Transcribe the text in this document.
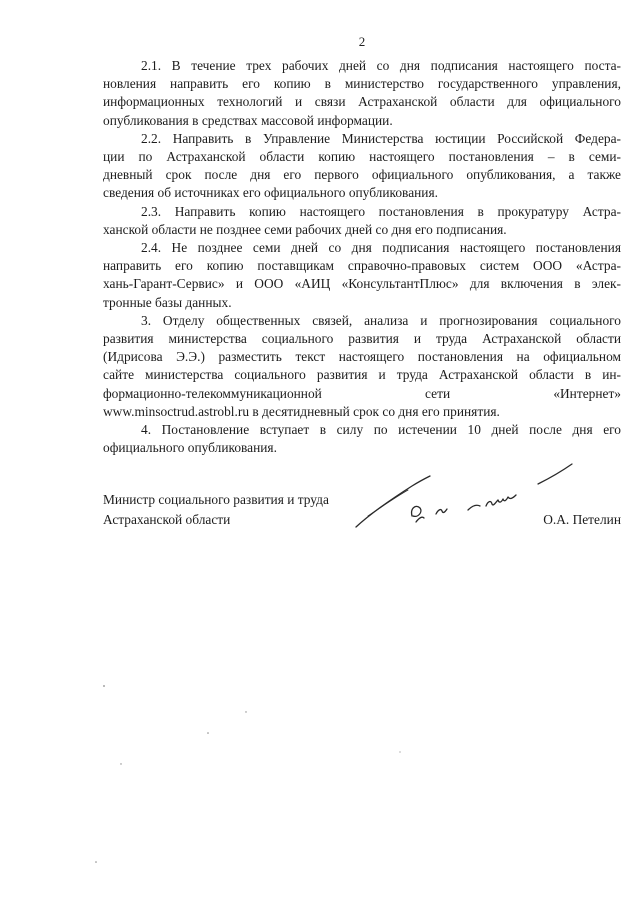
2

2.1. В течение трех рабочих дней со дня подписания настоящего поста-
новления направить его копию в министерство государственного управления,
информационных технологий и связи Астраханской области для официального
опубликования в средствах массовой информации.

2.2. Направить в Управление Министерства юстиции Российской Федера-
ции по Астраханской области копию настоящего постановления – в семи-
дневный срок после дня его первого официального опубликования, а также
сведения об источниках его официального опубликования.

2.3. Направить копию настоящего постановления в прокуратуру Астра-
ханской области не позднее семи рабочих дней со дня его подписания.

2.4. Не позднее семи дней со дня подписания настоящего постановления
направить его копию поставщикам справочно-правовых систем ООО «Астра-
хань-Гарант-Сервис» и ООО «АИЦ «КонсультантПлюс» для включения в элек-
тронные базы данных.

3. Отделу общественных связей, анализа и прогнозирования социального
развития министерства социального развития и труда Астраханской области
(Идрисова Э.Э.) разместить текст настоящего постановления на официальном
сайте министерства социального развития и труда Астраханской области в ин-
формационно-телекоммуникационной сети «Интернет»
www.minsoctrud.astrobl.ru в десятидневный срок со дня его принятия.

4. Постановление вступает в силу по истечении 10 дней после дня его
официального опубликования.

Министр социального развития и труда
Астраханской области	О.А. Петелин
